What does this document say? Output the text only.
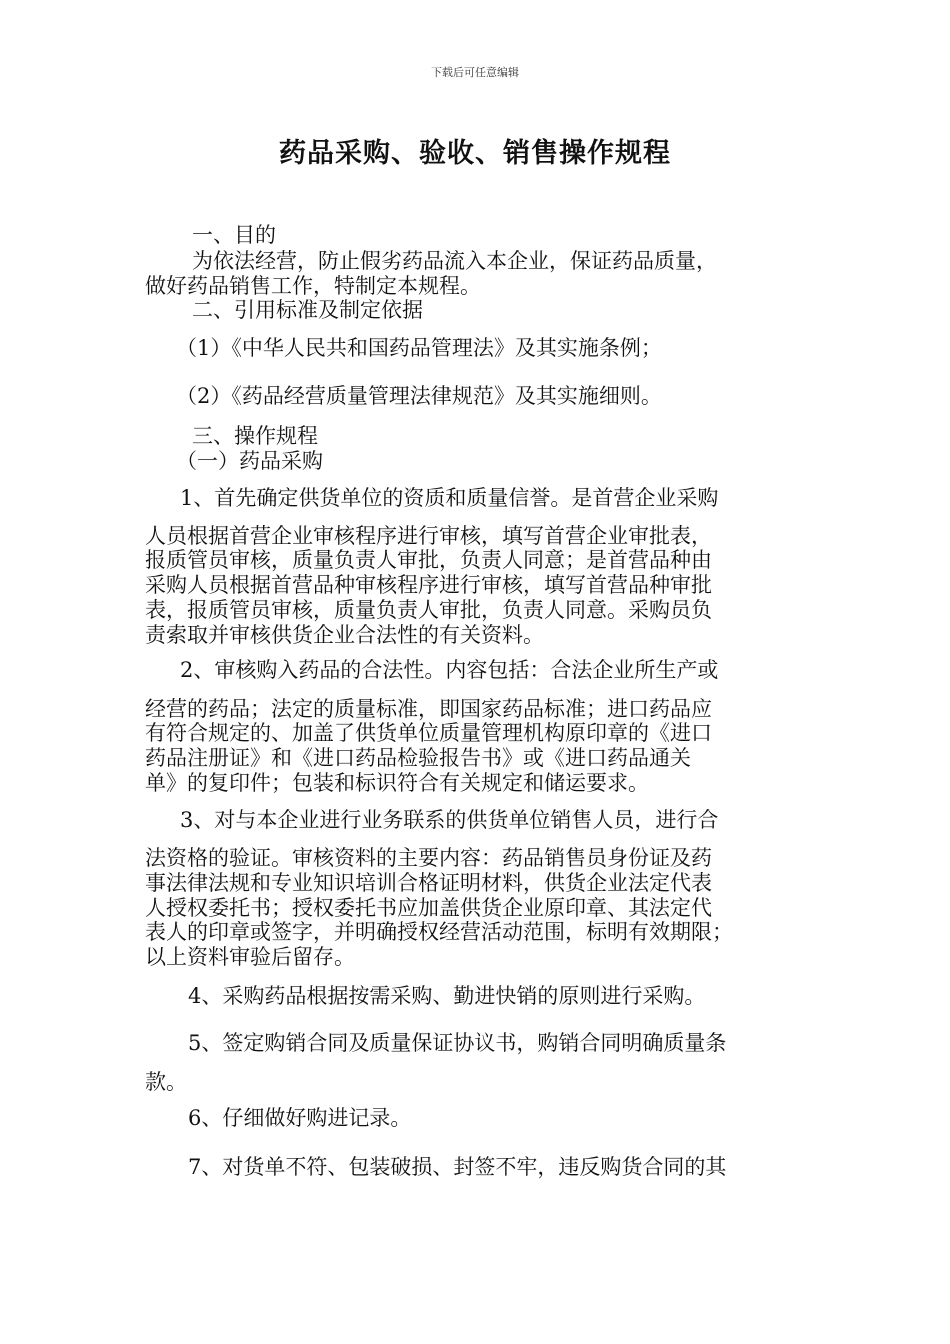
下载后可任意编辑
药品采购、验收、销售操作规程
一、目的
为依法经营，防止假劣药品流入本企业，保证药品质量，
做好药品销售工作，特制定本规程。
二、引用标准及制定依据
（1）《中华人民共和国药品管理法》及其实施条例；
（2）《药品经营质量管理法律规范》及其实施细则。
三、操作规程
（一）药品采购
1、首先确定供货单位的资质和质量信誉。是首营企业采购
人员根据首营企业审核程序进行审核，填写首营企业审批表，
报质管员审核，质量负责人审批，负责人同意；是首营品种由
采购人员根据首营品种审核程序进行审核，填写首营品种审批
表，报质管员审核，质量负责人审批，负责人同意。采购员负
责索取并审核供货企业合法性的有关资料。
2、审核购入药品的合法性。内容包括：合法企业所生产或
经营的药品；法定的质量标准，即国家药品标准；进口药品应
有符合规定的、加盖了供货单位质量管理机构原印章的《进口
药品注册证》和《进口药品检验报告书》或《进口药品通关
单》的复印件；包装和标识符合有关规定和储运要求。
3、对与本企业进行业务联系的供货单位销售人员，进行合
法资格的验证。审核资料的主要内容：药品销售员身份证及药
事法律法规和专业知识培训合格证明材料，供货企业法定代表
人授权委托书；授权委托书应加盖供货企业原印章、其法定代
表人的印章或签字，并明确授权经营活动范围，标明有效期限；
以上资料审验后留存。
4、采购药品根据按需采购、勤进快销的原则进行采购。
5、签定购销合同及质量保证协议书，购销合同明确质量条
款。
6、仔细做好购进记录。
7、对货单不符、包装破损、封签不牢，违反购货合同的其
